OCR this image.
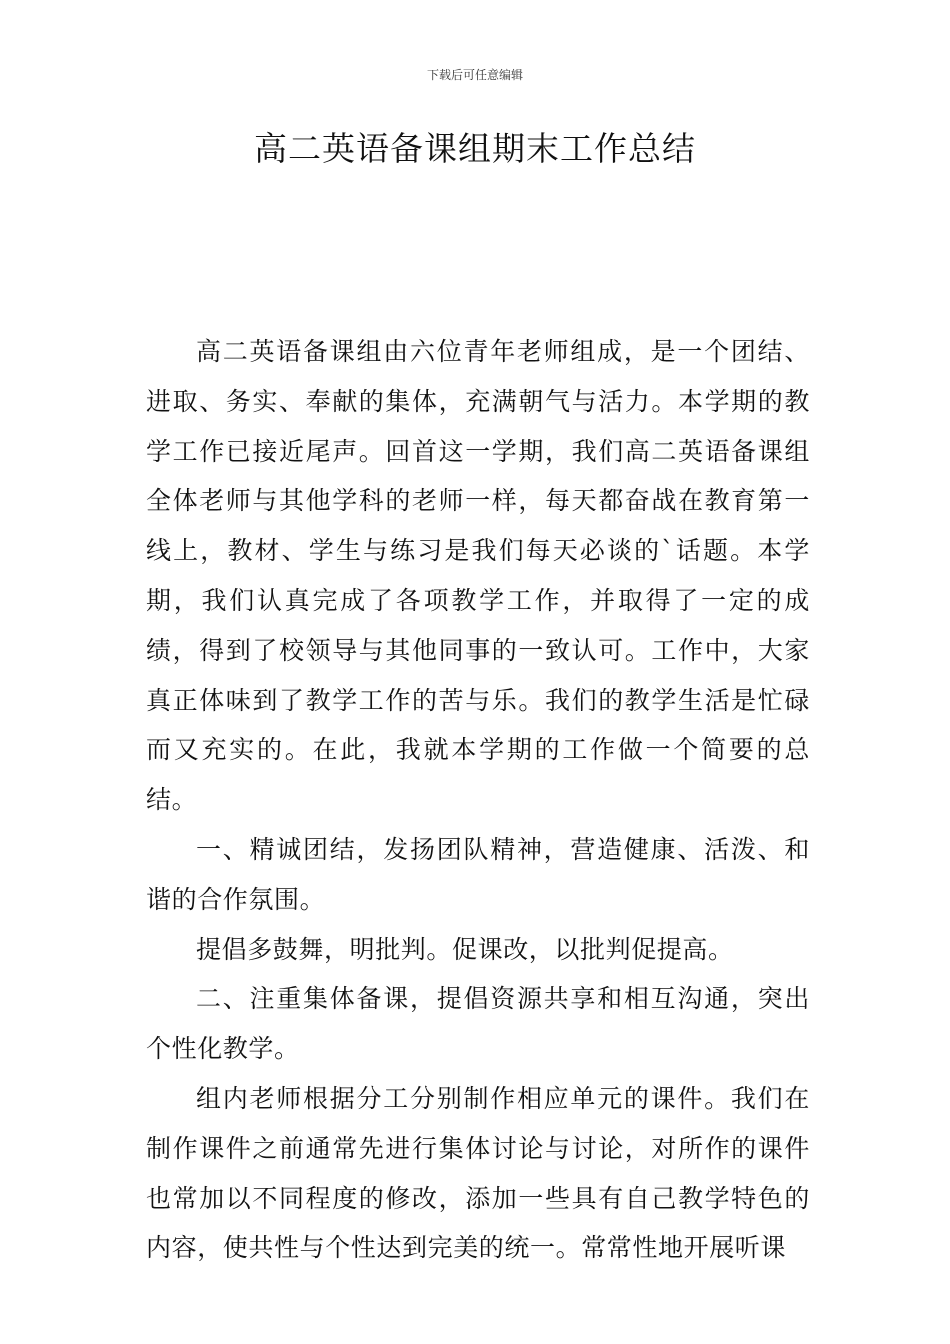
下载后可任意编辑
高二英语备课组期末工作总结

高二英语备课组由六位青年老师组成，是一个团结、进取、务实、奉献的集体，充满朝气与活力。本学期的教学工作已接近尾声。回首这一学期，我们高二英语备课组全体老师与其他学科的老师一样，每天都奋战在教育第一线上，教材、学生与练习是我们每天必谈的`话题。本学期，我们认真完成了各项教学工作，并取得了一定的成绩，得到了校领导与其他同事的一致认可。工作中，大家真正体味到了教学工作的苦与乐。我们的教学生活是忙碌而又充实的。在此，我就本学期的工作做一个简要的总结。

一、精诚团结，发扬团队精神，营造健康、活泼、和谐的合作氛围。

提倡多鼓舞，明批判。促课改，以批判促提高。

二、注重集体备课，提倡资源共享和相互沟通，突出个性化教学。

组内老师根据分工分别制作相应单元的课件。我们在制作课件之前通常先进行集体讨论与讨论，对所作的课件也常加以不同程度的修改，添加一些具有自己教学特色的内容，使共性与个性达到完美的统一。常常性地开展听课
